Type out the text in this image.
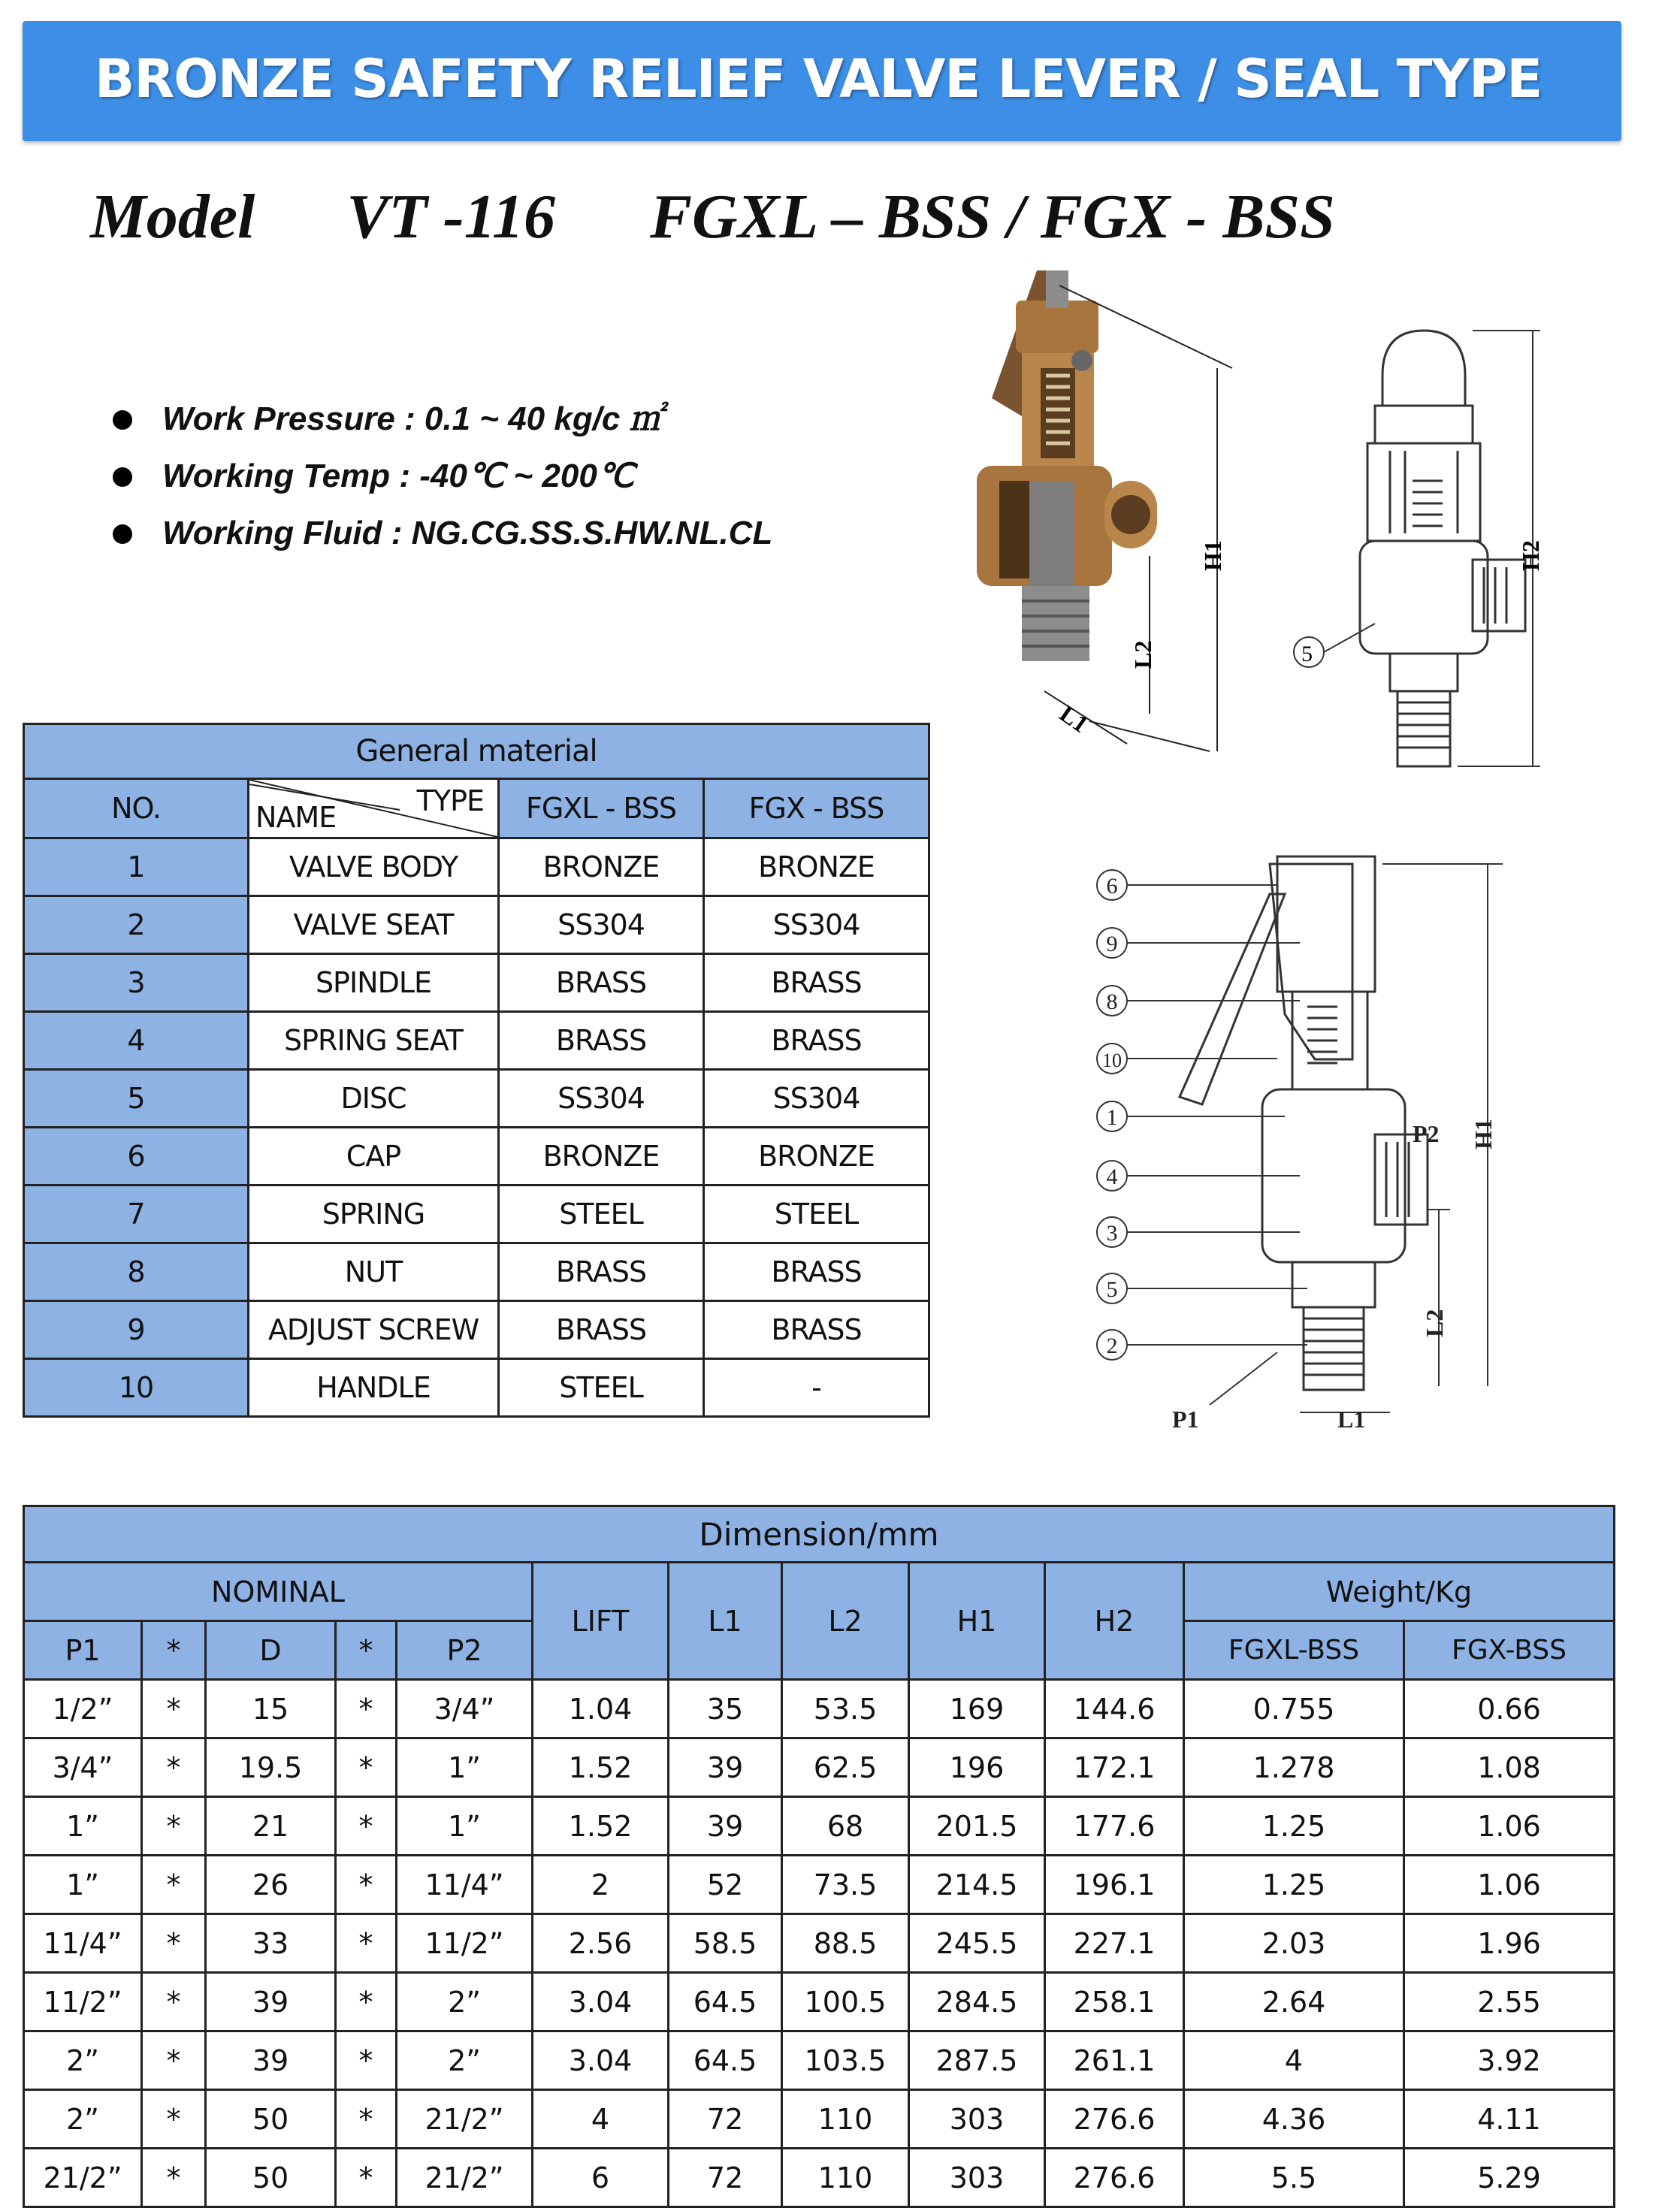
BRONZE SAFETY RELIEF VALVE LEVER / SEAL TYPE
Model VT -116 FGXL – BSS / FGX - BSS
Work Pressure : 0.1 ~ 40 kg/c ㎡
Working Temp : -40℃ ~ 200℃
Working Fluid : NG.CG.SS.S.HW.NL.CL
H1
L2
L1
H2
5
6
9
8
10
1
4
3
5
2
H1
L2
P2
P1	L1
General material			
NO.	TYPE
NAME	FGXL - BSS	FGX - BSS
1	VALVE BODY	BRONZE	BRONZE
2	VALVE SEAT	SS304	SS304
3	SPINDLE	BRASS	BRASS
4	SPRING SEAT	BRASS	BRASS
5	DISC	SS304	SS304
6	CAP	BRONZE	BRONZE
7	SPRING	STEEL	STEEL
8	NUT	BRASS	BRASS
9	ADJUST SCREW	BRASS	BRASS
10	HANDLE	STEEL	-
Dimension/mm											
NOMINAL					LIFT	L1	L2	H1	H2	Weight/Kg	
P1	*	D	*	P2						FGXL-BSS	FGX-BSS
1/2”	*	15	*	3/4”	1.04	35	53.5	169	144.6	0.755	0.66
3/4”	*	19.5	*	1”	1.52	39	62.5	196	172.1	1.278	1.08
1”	*	21	*	1”	1.52	39	68	201.5	177.6	1.25	1.06
1”	*	26	*	11/4”	2	52	73.5	214.5	196.1	1.25	1.06
11/4”	*	33	*	11/2”	2.56	58.5	88.5	245.5	227.1	2.03	1.96
11/2”	*	39	*	2”	3.04	64.5	100.5	284.5	258.1	2.64	2.55
2”	*	39	*	2”	3.04	64.5	103.5	287.5	261.1	4	3.92
2”	*	50	*	21/2”	4	72	110	303	276.6	4.36	4.11
21/2”	*	50	*	21/2”	6	72	110	303	276.6	5.5	5.29
